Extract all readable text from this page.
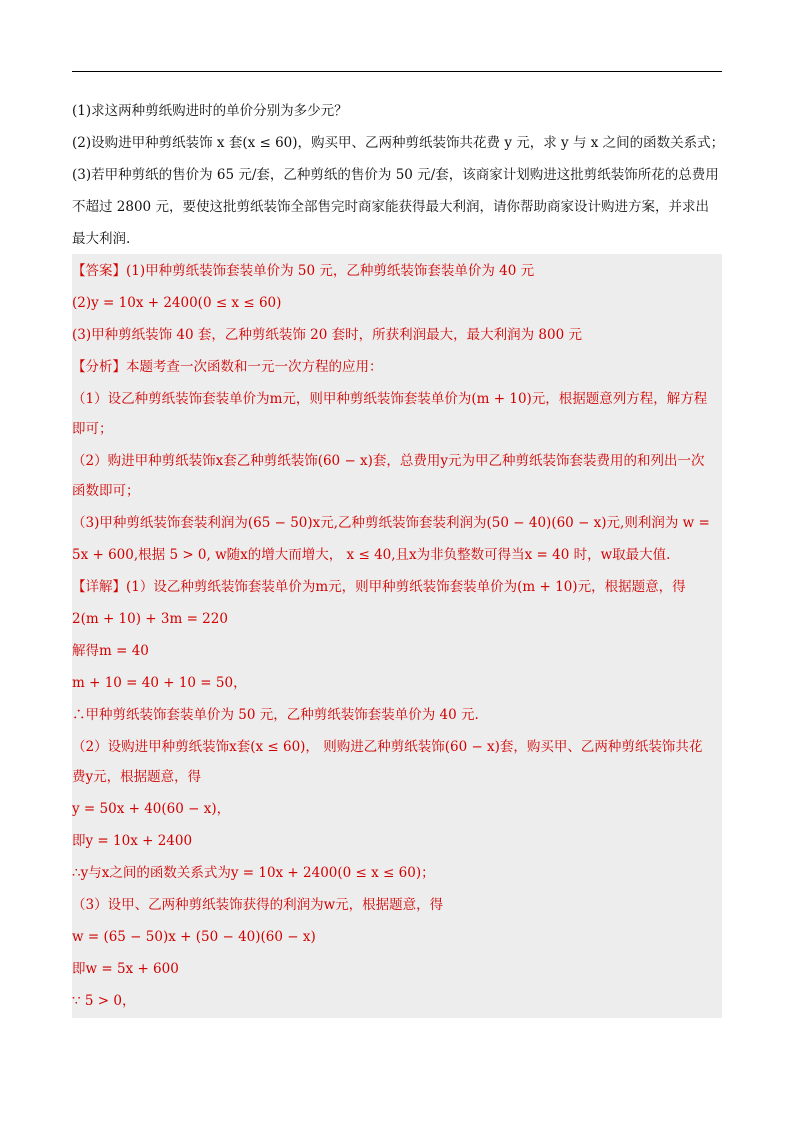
(1)求这两种剪纸购进时的单价分别为多少元？
(2)设购进甲种剪纸装饰 x 套(x ≤ 60)，购买甲、乙两种剪纸装饰共花费 y 元，求 y 与 x 之间的函数关系式；
(3)若甲种剪纸的售价为 65 元/套，乙种剪纸的售价为 50 元/套，该商家计划购进这批剪纸装饰所花的总费用
不超过 2800 元，要使这批剪纸装饰全部售完时商家能获得最大利润，请你帮助商家设计购进方案，并求出
最大利润.
【答案】(1)甲种剪纸装饰套装单价为 50 元，乙种剪纸装饰套装单价为 40 元
(2)y = 10x + 2400(0 ≤ x ≤ 60)
(3)甲种剪纸装饰 40 套，乙种剪纸装饰 20 套时，所获利润最大，最大利润为 800 元
【分析】本题考查一次函数和一元一次方程的应用：
（1）设乙种剪纸装饰套装单价为m元，则甲种剪纸装饰套装单价为(m + 10)元，根据题意列方程，解方程
即可；
（2）购进甲种剪纸装饰x套乙种剪纸装饰(60 − x)套，总费用y元为甲乙种剪纸装饰套装费用的和列出一次
函数即可；
（3)甲种剪纸装饰套装利润为(65 − 50)x元,乙种剪纸装饰套装利润为(50 − 40)(60 − x)元,则利润为 w =
5x + 600,根据 5 > 0, w随x的增大而增大， x ≤ 40,且x为非负整数可得当x = 40 时，w取最大值.
【详解】(1）设乙种剪纸装饰套装单价为m元，则甲种剪纸装饰套装单价为(m + 10)元，根据题意，得
2(m + 10) + 3m = 220
解得m = 40
m + 10 = 40 + 10 = 50，
∴甲种剪纸装饰套装单价为 50 元，乙种剪纸装饰套装单价为 40 元.
（2）设购进甲种剪纸装饰x套(x ≤ 60)， 则购进乙种剪纸装饰(60 − x)套，购买甲、乙两种剪纸装饰共花
费y元，根据题意，得
y = 50x + 40(60 − x)，
即y = 10x + 2400
∴y与x之间的函数关系式为y = 10x + 2400(0 ≤ x ≤ 60)；
（3）设甲、乙两种剪纸装饰获得的利润为w元，根据题意，得
w = (65 − 50)x + (50 − 40)(60 − x)
即w = 5x + 600
∵ 5 > 0，
